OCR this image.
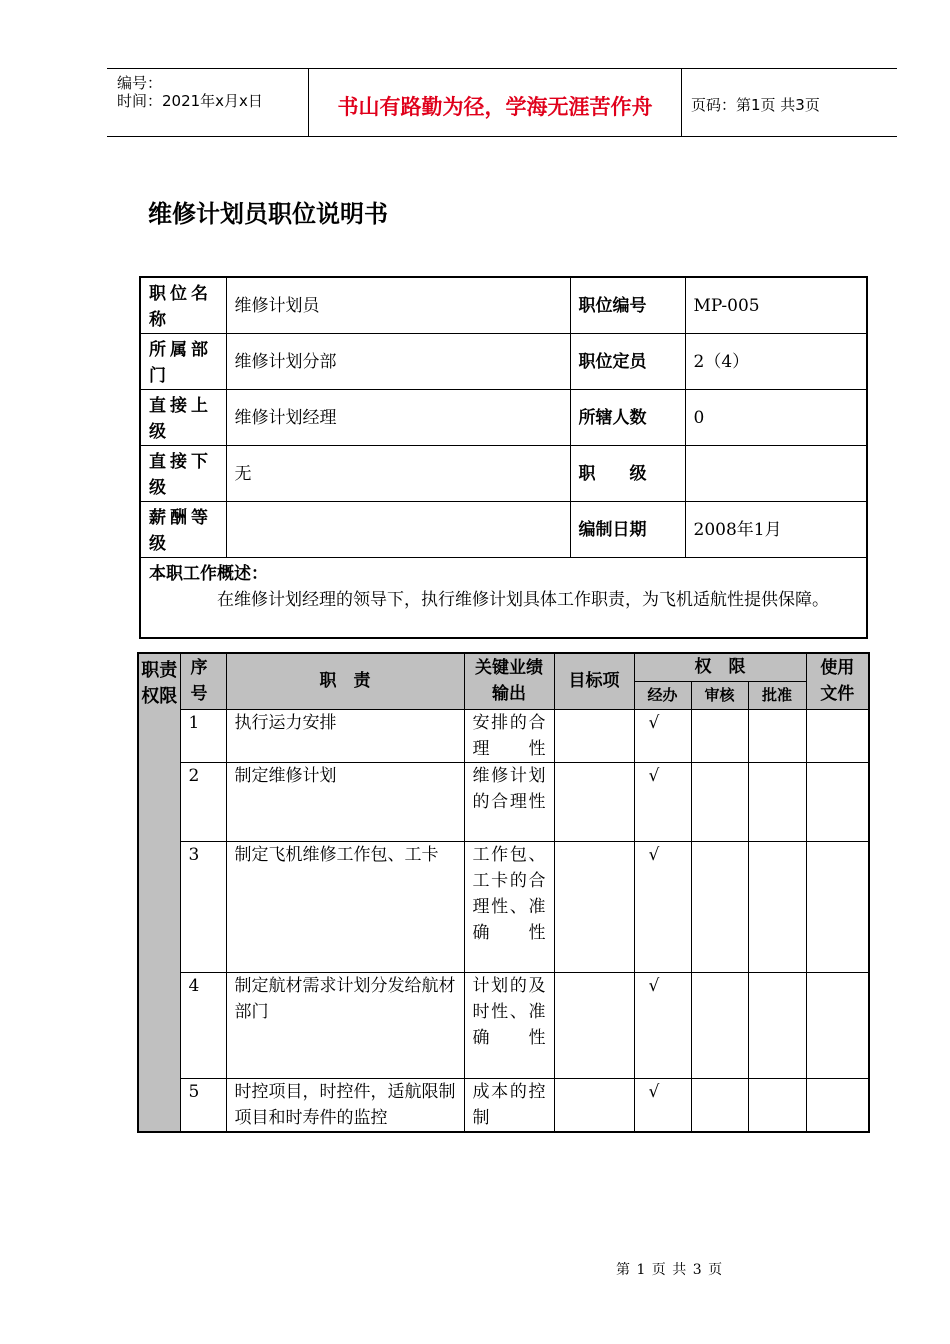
编号：
时间：2021年x月x日	书山有路勤为径，学海无涯苦作舟	页码：第1页 共3页
维修计划员职位说明书
职位名称	维修计划员	职位编号	MP-005
所属部门	维修计划分部	职位定员	2（4）
直接上级	维修计划经理	所辖人数	0
直接下级	无	职　　级	
薪酬等级		编制日期	2008年1月

本职工作概述：
在维修计划经理的领导下，执行维修计划具体工作职责，为飞机适航性提供保障。			
职责权限	序号	职　责	关键业绩输出	目标项	权　限			使用文件
					经办	审核	批准	
	1	执行运力安排	安排的合理性		√			
	2	制定维修计划	维修计划的合理性		√			
	3	制定飞机维修工作包、工卡	工作包、工卡的合理性、准确性		√			
	4	制定航材需求计划分发给航材部门	计划的及时性、准确性		√			
	5	时控项目，时控件，适航限制项目和时寿件的监控	成本的控制		√			
第 1 页 共 3 页
